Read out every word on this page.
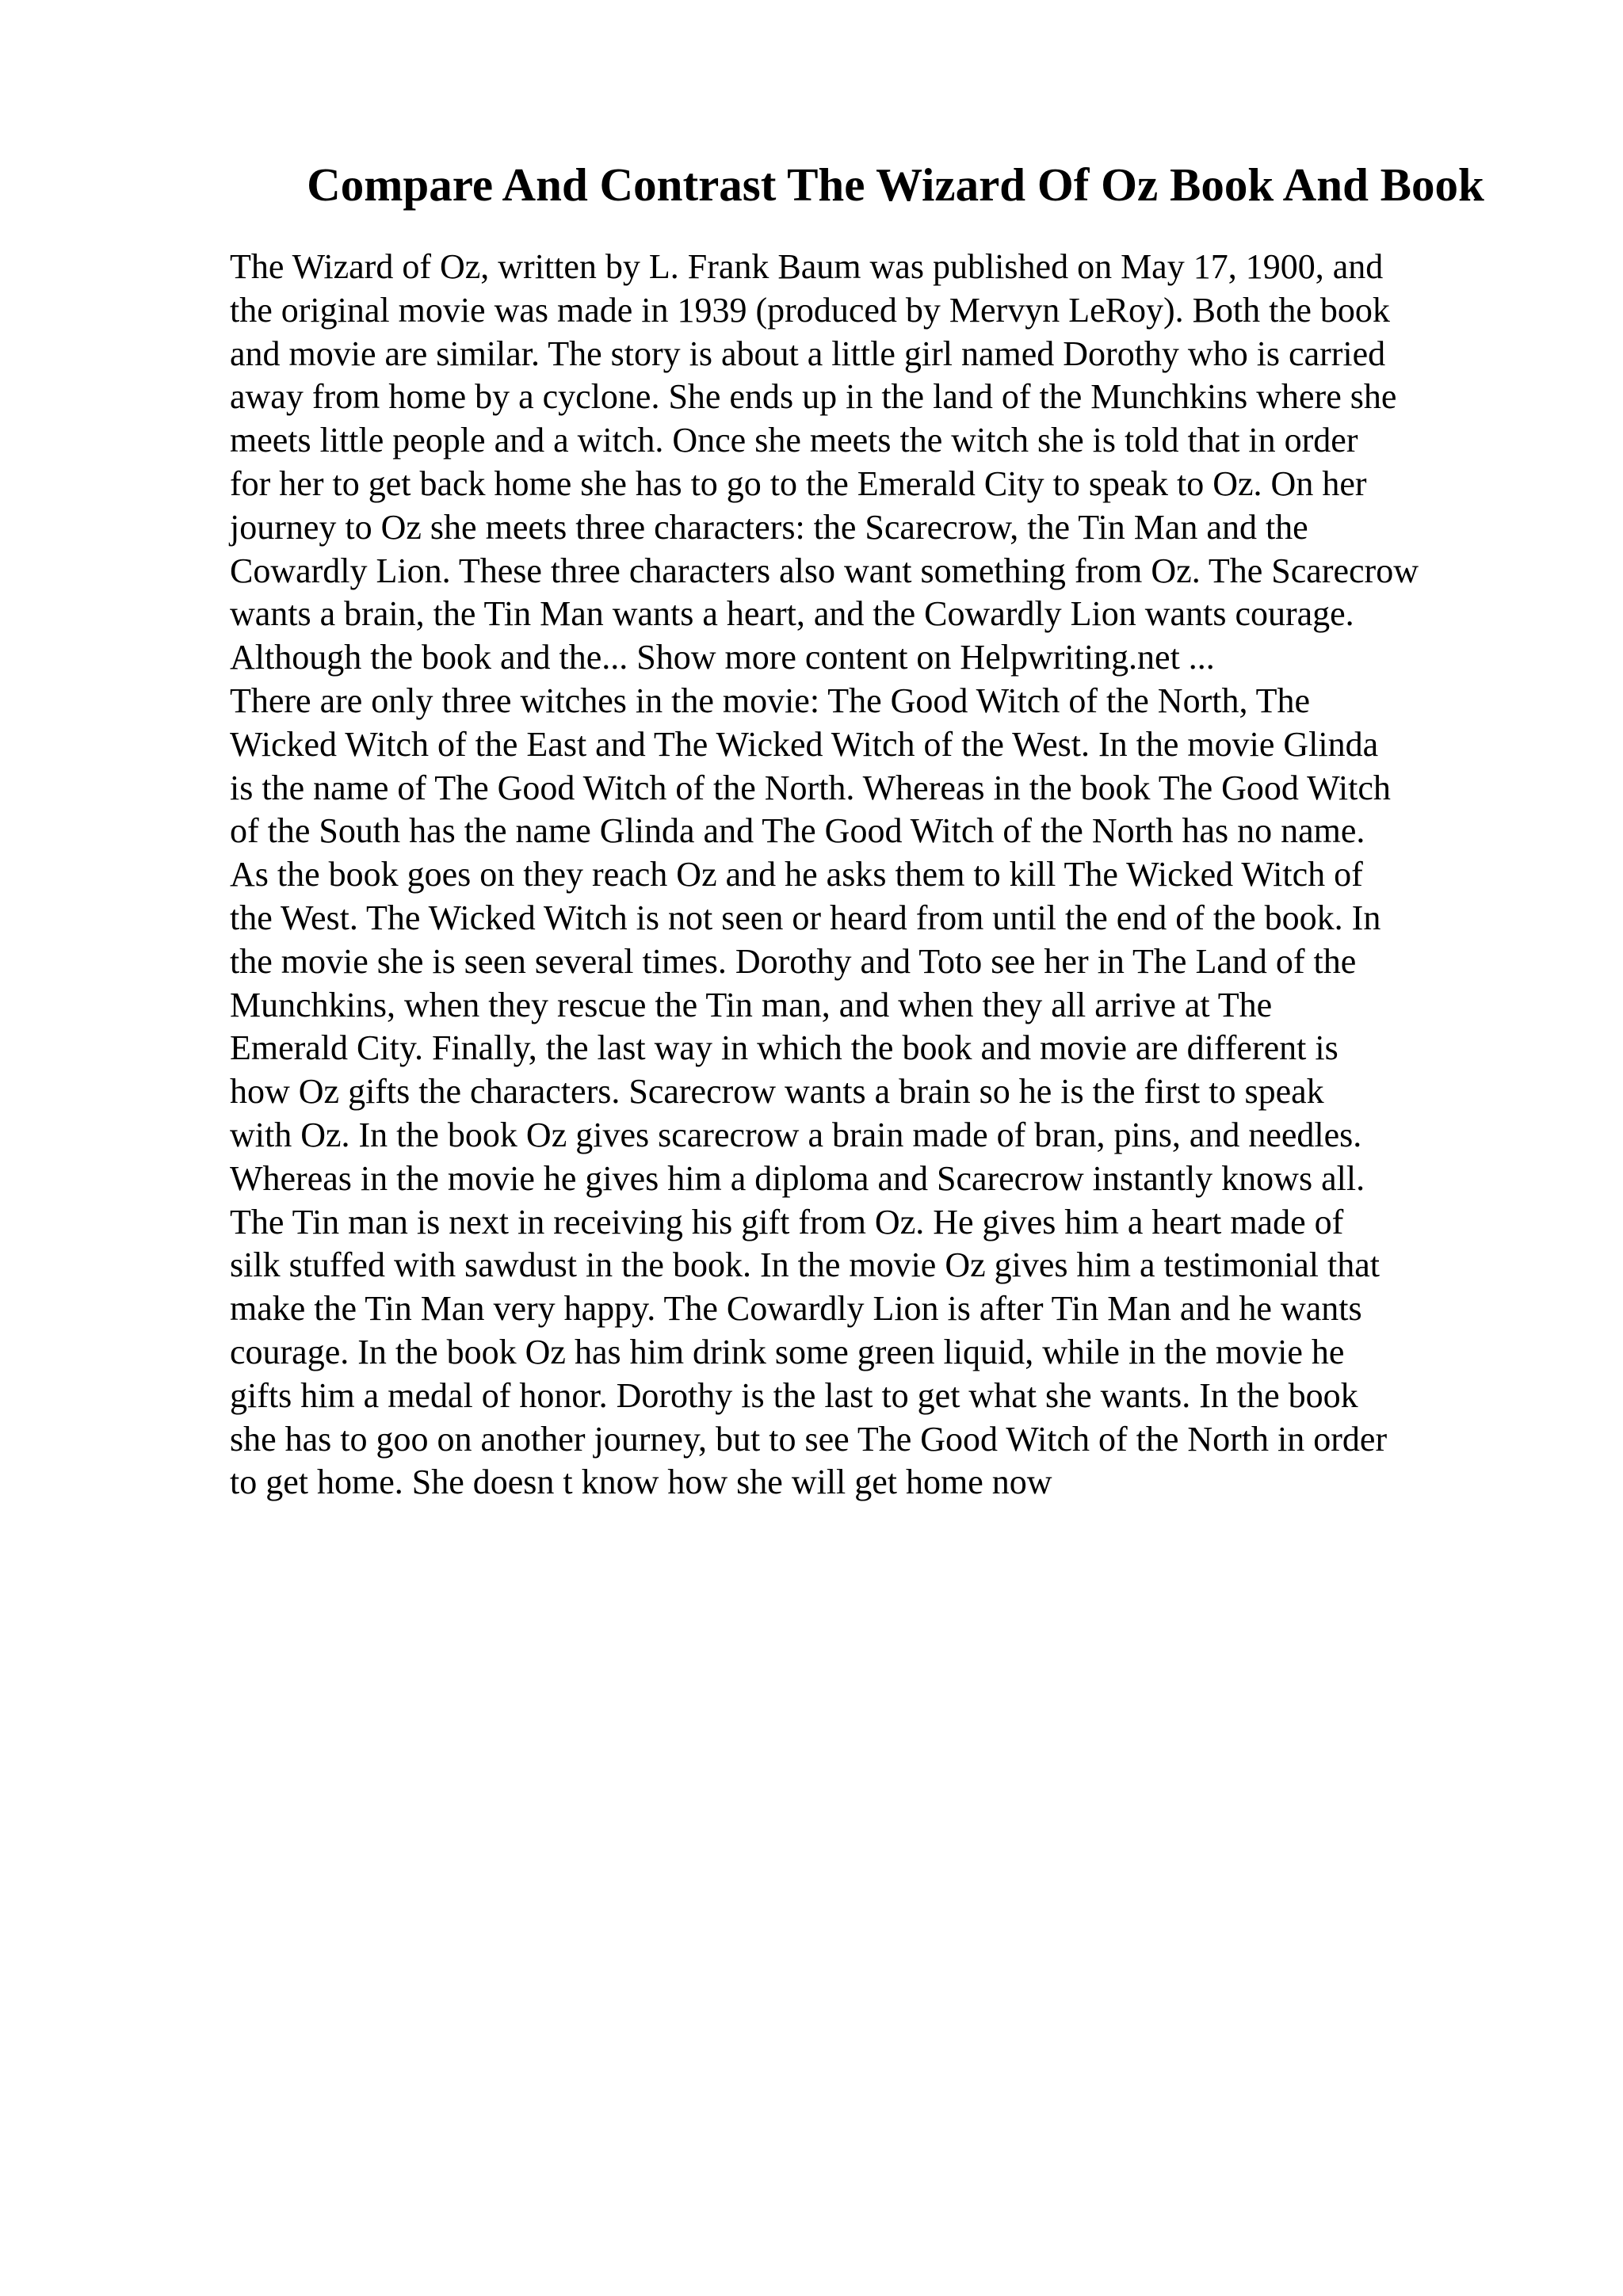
Compare And Contrast The Wizard Of Oz Book And Book
The Wizard of Oz, written by L. Frank Baum was published on May 17, 1900, and
the original movie was made in 1939 (produced by Mervyn LeRoy). Both the book
and movie are similar. The story is about a little girl named Dorothy who is carried
away from home by a cyclone. She ends up in the land of the Munchkins where she
meets little people and a witch. Once she meets the witch she is told that in order
for her to get back home she has to go to the Emerald City to speak to Oz. On her
journey to Oz she meets three characters: the Scarecrow, the Tin Man and the
Cowardly Lion. These three characters also want something from Oz. The Scarecrow
wants a brain, the Tin Man wants a heart, and the Cowardly Lion wants courage.
Although the book and the... Show more content on Helpwriting.net ...
There are only three witches in the movie: The Good Witch of the North, The
Wicked Witch of the East and The Wicked Witch of the West. In the movie Glinda
is the name of The Good Witch of the North. Whereas in the book The Good Witch
of the South has the name Glinda and The Good Witch of the North has no name.
As the book goes on they reach Oz and he asks them to kill The Wicked Witch of
the West. The Wicked Witch is not seen or heard from until the end of the book. In
the movie she is seen several times. Dorothy and Toto see her in The Land of the
Munchkins, when they rescue the Tin man, and when they all arrive at The
Emerald City. Finally, the last way in which the book and movie are different is
how Oz gifts the characters. Scarecrow wants a brain so he is the first to speak
with Oz. In the book Oz gives scarecrow a brain made of bran, pins, and needles.
Whereas in the movie he gives him a diploma and Scarecrow instantly knows all.
The Tin man is next in receiving his gift from Oz. He gives him a heart made of
silk stuffed with sawdust in the book. In the movie Oz gives him a testimonial that
make the Tin Man very happy. The Cowardly Lion is after Tin Man and he wants
courage. In the book Oz has him drink some green liquid, while in the movie he
gifts him a medal of honor. Dorothy is the last to get what she wants. In the book
she has to goo on another journey, but to see The Good Witch of the North in order
to get home. She doesn t know how she will get home now
